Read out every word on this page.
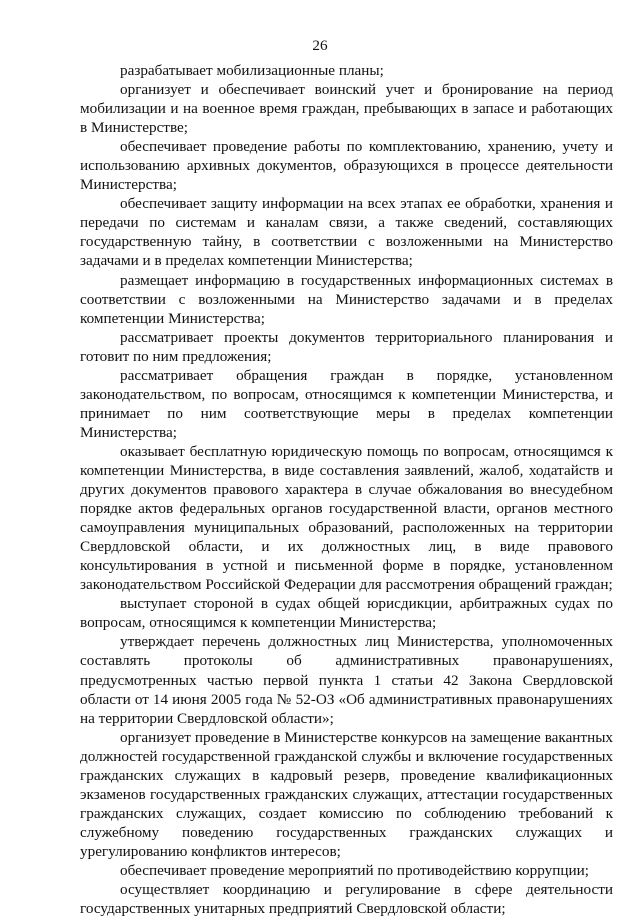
26

разрабатывает мобилизационные планы;

организует и обеспечивает воинский учет и бронирование на период мобилизации и на военное время граждан, пребывающих в запасе и работающих в Министерстве;

обеспечивает проведение работы по комплектованию, хранению, учету и использованию архивных документов, образующихся в процессе деятельности Министерства;

обеспечивает защиту информации на всех этапах ее обработки, хранения и передачи по системам и каналам связи, а также сведений, составляющих государственную тайну, в соответствии с возложенными на Министерство задачами и в пределах компетенции Министерства;

размещает информацию в государственных информационных системах в соответствии с возложенными на Министерство задачами и в пределах компетенции Министерства;

рассматривает проекты документов территориального планирования и готовит по ним предложения;

рассматривает обращения граждан в порядке, установленном законодательством, по вопросам, относящимся к компетенции Министерства, и принимает по ним соответствующие меры в пределах компетенции Министерства;

оказывает бесплатную юридическую помощь по вопросам, относящимся к компетенции Министерства, в виде составления заявлений, жалоб, ходатайств и других документов правового характера в случае обжалования во внесудебном порядке актов федеральных органов государственной власти, органов местного самоуправления муниципальных образований, расположенных на территории Свердловской области, и их должностных лиц, в виде правового консультирования в устной и письменной форме в порядке, установленном законодательством Российской Федерации для рассмотрения обращений граждан;

выступает стороной в судах общей юрисдикции, арбитражных судах по вопросам, относящимся к компетенции Министерства;

утверждает перечень должностных лиц Министерства, уполномоченных составлять протоколы об административных правонарушениях, предусмотренных частью первой пункта 1 статьи 42 Закона Свердловской области от 14 июня 2005 года № 52-ОЗ «Об административных правонарушениях на территории Свердловской области»;

организует проведение в Министерстве конкурсов на замещение вакантных должностей государственной гражданской службы и включение государственных гражданских служащих в кадровый резерв, проведение квалификационных экзаменов государственных гражданских служащих, аттестации государственных гражданских служащих, создает комиссию по соблюдению требований к служебному поведению государственных гражданских служащих и урегулированию конфликтов интересов;

обеспечивает проведение мероприятий по противодействию коррупции;

осуществляет координацию и регулирование в сфере деятельности государственных унитарных предприятий Свердловской области;
